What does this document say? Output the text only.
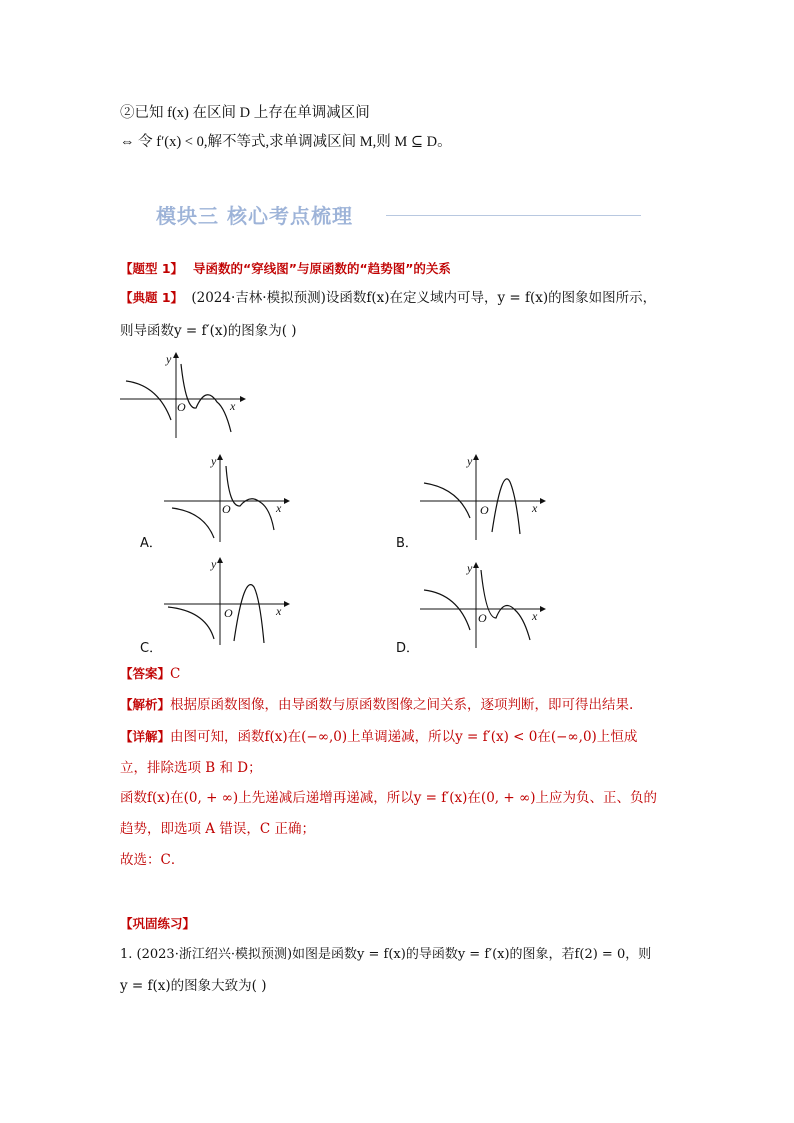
②已知 f(x) 在区间 D 上存在单调减区间
⇔ 令 f′(x) < 0,解不等式,求单调减区间 M,则 M ⊆ D。
模块三 核心考点梳理
【题型 1】 导函数的“穿线图”与原函数的“趋势图”的关系
【典题 1】 (2024·吉林·模拟预测)设函数f(x)在定义域内可导，y = f(x)的图象如图所示，
则导函数y = f′(x)的图象为( )
y
x
O
y
x
O
A．
y
x
O
B．
y
x
O
C．
y
x
O
D．
【答案】C
【解析】根据原函数图像，由导函数与原函数图像之间关系，逐项判断，即可得出结果.
【详解】由图可知，函数f(x)在(−∞,0)上单调递减，所以y = f′(x) < 0在(−∞,0)上恒成
立，排除选项 B 和 D；
函数f(x)在(0, + ∞)上先递减后递增再递减，所以y = f′(x)在(0, + ∞)上应为负、正、负的
趋势，即选项 A 错误，C 正确；
故选：C．
【巩固练习】
1. (2023·浙江绍兴·模拟预测)如图是函数y = f(x)的导函数y = f′(x)的图象，若f(2) = 0，则
y = f(x)的图象大致为( )
